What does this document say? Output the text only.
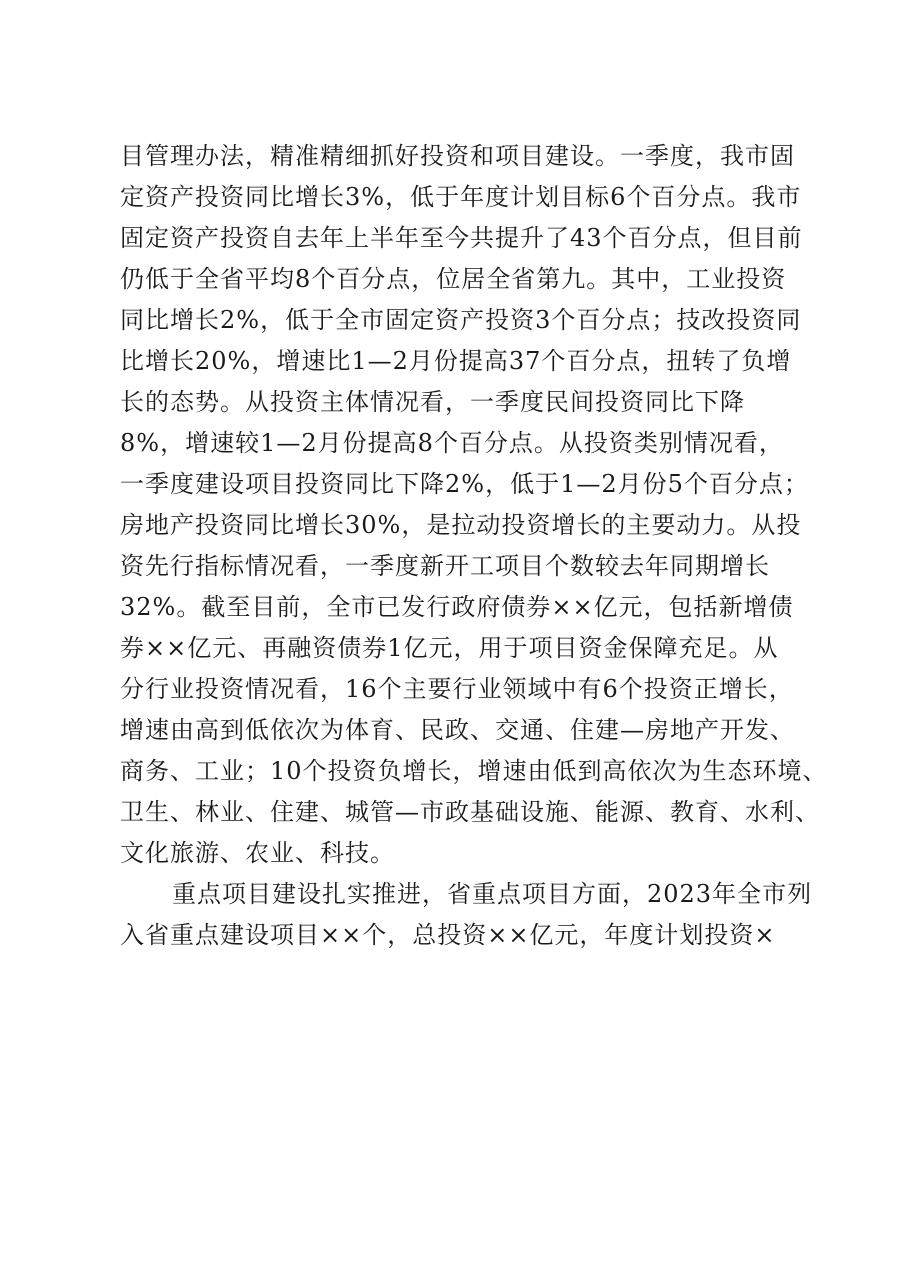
目管理办法，精准精细抓好投资和项目建设。一季度，我市固
定资产投资同比增长3%，低于年度计划目标6个百分点。我市
固定资产投资自去年上半年至今共提升了43个百分点，但目前
仍低于全省平均8个百分点，位居全省第九。其中，工业投资
同比增长2%，低于全市固定资产投资3个百分点；技改投资同
比增长20%，增速比1—2月份提高37个百分点，扭转了负增
长的态势。从投资主体情况看，一季度民间投资同比下降
8%，增速较1—2月份提高8个百分点。从投资类别情况看，
一季度建设项目投资同比下降2%，低于1—2月份5个百分点；
房地产投资同比增长30%，是拉动投资增长的主要动力。从投
资先行指标情况看，一季度新开工项目个数较去年同期增长
32%。截至目前，全市已发行政府债券××亿元，包括新增债
券××亿元、再融资债券1亿元，用于项目资金保障充足。从
分行业投资情况看，16个主要行业领域中有6个投资正增长，
增速由高到低依次为体育、民政、交通、住建—房地产开发、
商务、工业；10个投资负增长，增速由低到高依次为生态环境、
卫生、林业、住建、城管—市政基础设施、能源、教育、水利、
文化旅游、农业、科技。
重点项目建设扎实推进，省重点项目方面，2023年全市列
入省重点建设项目××个，总投资××亿元，年度计划投资×
